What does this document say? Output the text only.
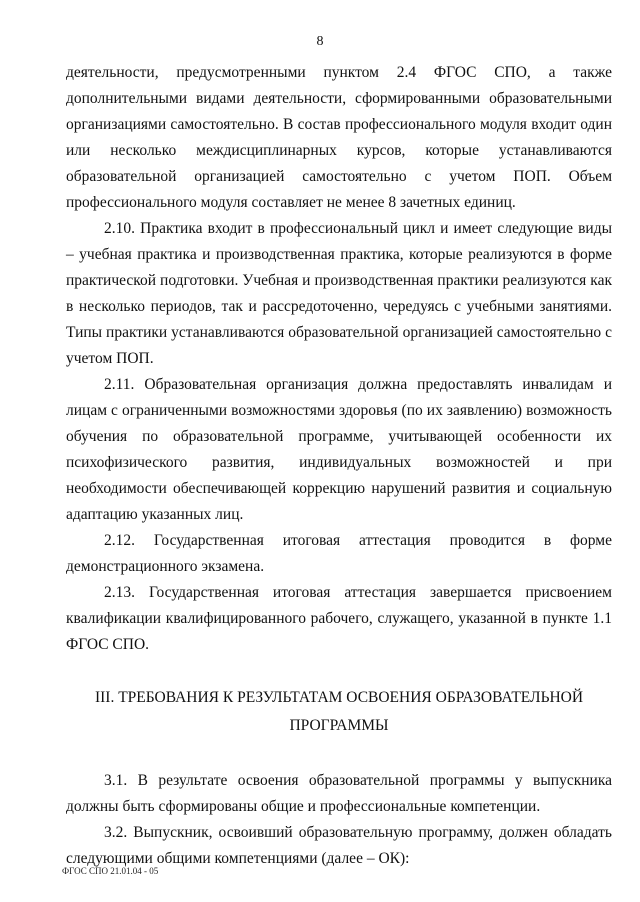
8

деятельности, предусмотренными пунктом 2.4 ФГОС СПО, а также дополнительными видами деятельности, сформированными образовательными организациями самостоятельно. В состав профессионального модуля входит один или несколько междисциплинарных курсов, которые устанавливаются образовательной организацией самостоятельно с учетом ПОП. Объем профессионального модуля составляет не менее 8 зачетных единиц.

2.10. Практика входит в профессиональный цикл и имеет следующие виды – учебная практика и производственная практика, которые реализуются в форме практической подготовки. Учебная и производственная практики реализуются как в несколько периодов, так и рассредоточенно, чередуясь с учебными занятиями. Типы практики устанавливаются образовательной организацией самостоятельно с учетом ПОП.

2.11. Образовательная организация должна предоставлять инвалидам и лицам с ограниченными возможностями здоровья (по их заявлению) возможность обучения по образовательной программе, учитывающей особенности их психофизического развития, индивидуальных возможностей и при необходимости обеспечивающей коррекцию нарушений развития и социальную адаптацию указанных лиц.

2.12. Государственная итоговая аттестация проводится в форме демонстрационного экзамена.

2.13. Государственная итоговая аттестация завершается присвоением квалификации квалифицированного рабочего, служащего, указанной в пункте 1.1 ФГОС СПО.

III. ТРЕБОВАНИЯ К РЕЗУЛЬТАТАМ ОСВОЕНИЯ ОБРАЗОВАТЕЛЬНОЙ ПРОГРАММЫ

3.1. В результате освоения образовательной программы у выпускника должны быть сформированы общие и профессиональные компетенции.

3.2. Выпускник, освоивший образовательную программу, должен обладать следующими общими компетенциями (далее – ОК):

ФГОС СПО 21.01.04 - 05
